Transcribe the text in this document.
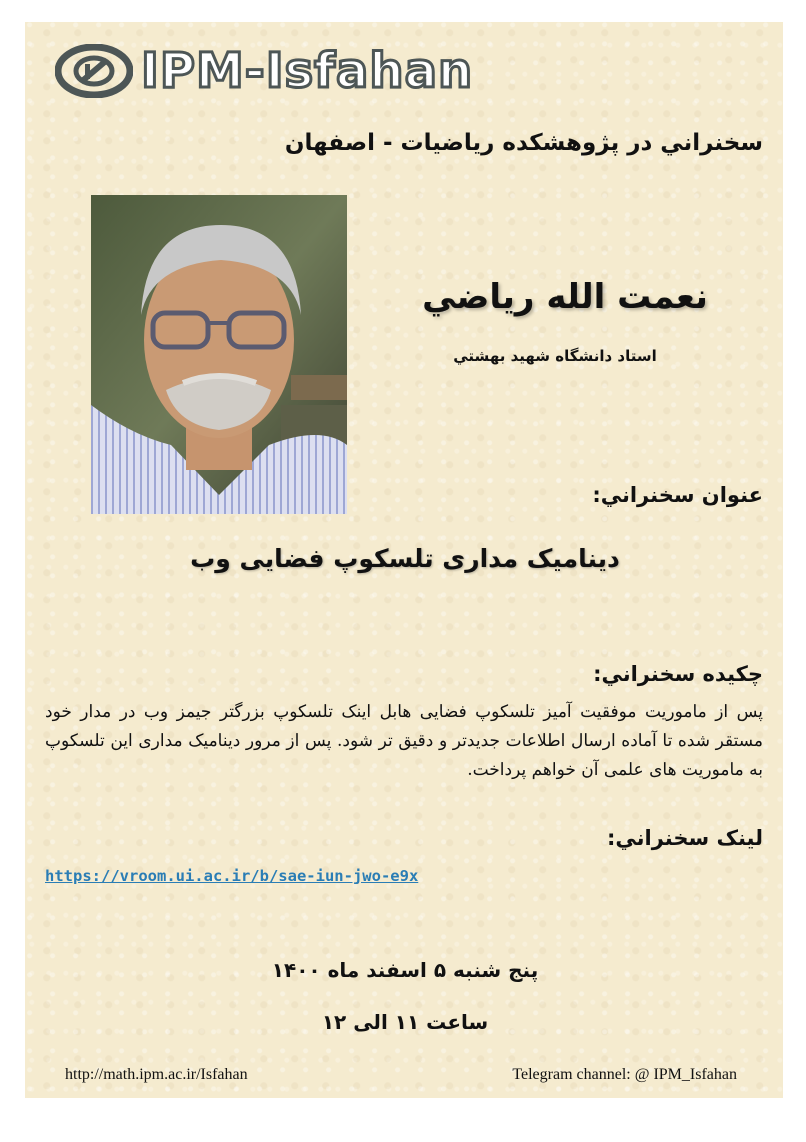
IPM-Isfahan
سخنراني در پژوهشكده رياضيات - اصفهان
نعمت الله رياضي
استاد دانشگاه شهيد بهشتي
عنوان سخنراني:
دینامیک مداری تلسکوپ فضایی وب
چكيده سخنراني:
پس از ماموریت موفقیت آمیز تلسکوپ فضایی هابل اینک تلسکوپ بزرگتر جیمز وب در مدار خود مستقر شده تا آماده ارسال اطلاعات جدیدتر و دقیق تر شود. پس از مرور دینامیک مداری این تلسکوپ به ماموریت های علمی آن خواهم پرداخت.
لينک سخنراني:
https://vroom.ui.ac.ir/b/sae-iun-jwo-e9x
پنج شنبه ۵ اسفند ماه ۱۴۰۰
ساعت ۱۱ الی ۱۲
http://math.ipm.ac.ir/Isfahan	Telegram channel: @ IPM_Isfahan
